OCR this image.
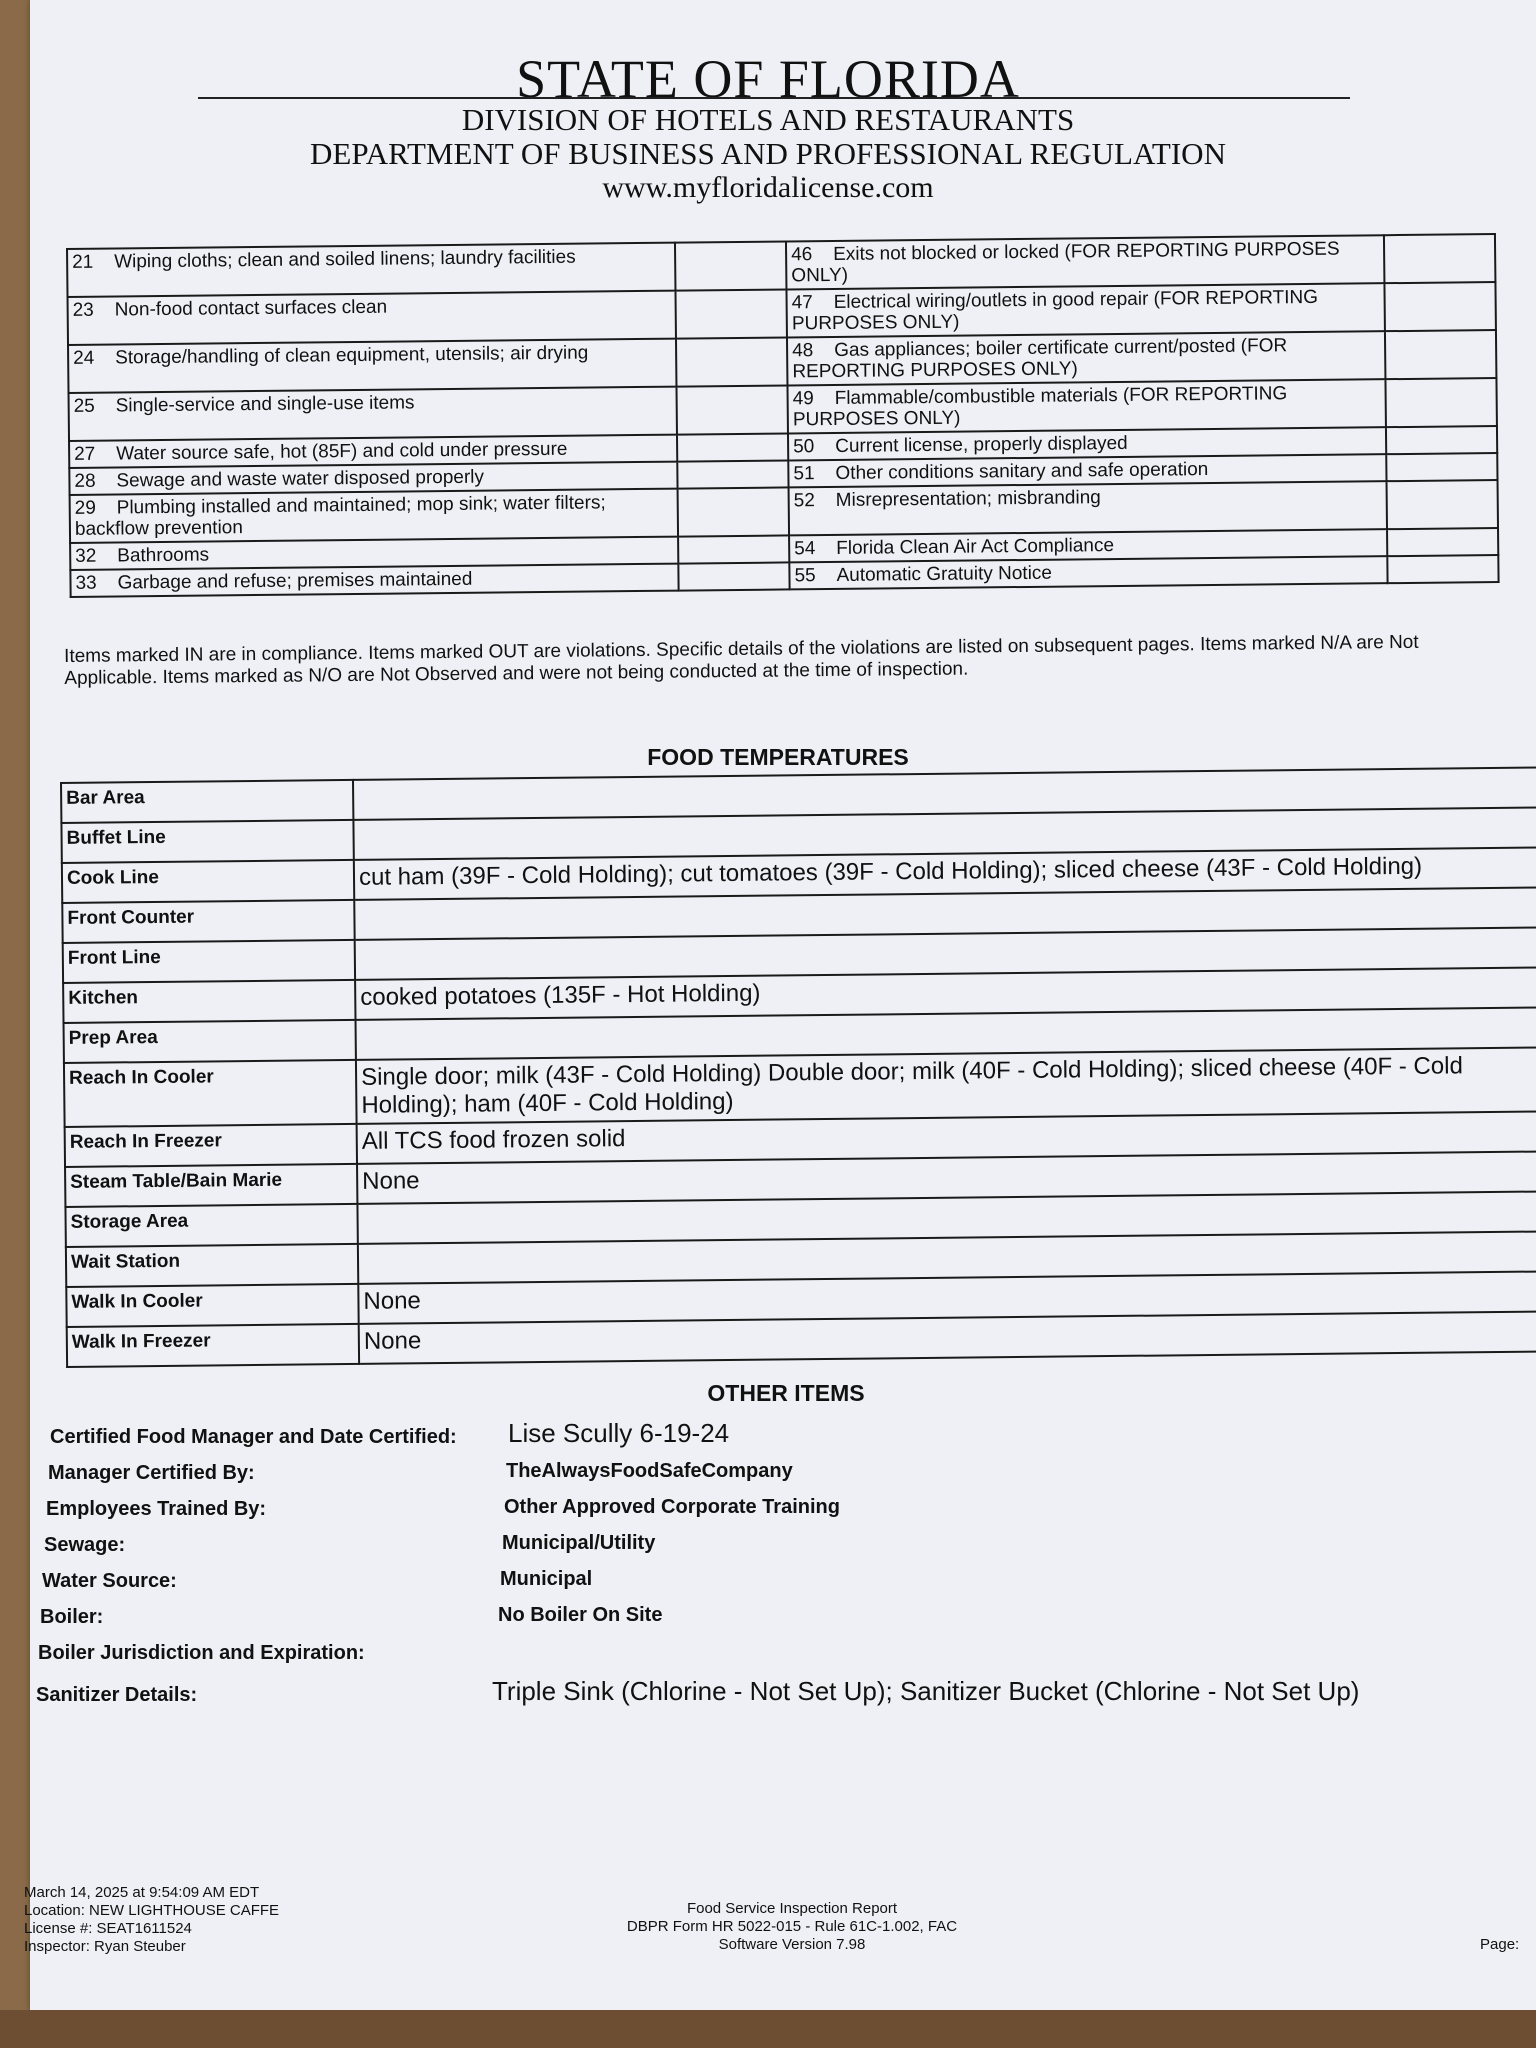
STATE OF FLORIDA
DIVISION OF HOTELS AND RESTAURANTS
DEPARTMENT OF BUSINESS AND PROFESSIONAL REGULATION
www.myfloridalicense.com
21 Wiping cloths; clean and soiled linens; laundry facilities		46 Exits not blocked or locked (FOR REPORTING PURPOSES ONLY)	
23 Non-food contact surfaces clean		47 Electrical wiring/outlets in good repair (FOR REPORTING PURPOSES ONLY)	
24 Storage/handling of clean equipment, utensils; air drying		48 Gas appliances; boiler certificate current/posted (FOR REPORTING PURPOSES ONLY)	
25 Single-service and single-use items		49 Flammable/combustible materials (FOR REPORTING PURPOSES ONLY)	
27 Water source safe, hot (85F) and cold under pressure		50 Current license, properly displayed	
28 Sewage and waste water disposed properly		51 Other conditions sanitary and safe operation	
29 Plumbing installed and maintained; mop sink; water filters; backflow prevention		52 Misrepresentation; misbranding	
32 Bathrooms		54 Florida Clean Air Act Compliance	
33 Garbage and refuse; premises maintained		55 Automatic Gratuity Notice	
Items marked IN are in compliance. Items marked OUT are violations. Specific details of the violations are listed on subsequent pages. Items marked N/A are Not Applicable. Items marked as N/O are Not Observed and were not being conducted at the time of inspection.
FOOD TEMPERATURES
Bar Area	
Buffet Line	
Cook Line	cut ham (39F - Cold Holding); cut tomatoes (39F - Cold Holding); sliced cheese (43F - Cold Holding)
Front Counter	
Front Line	
Kitchen	cooked potatoes (135F - Hot Holding)
Prep Area	
Reach In Cooler	Single door; milk (43F - Cold Holding) Double door; milk (40F - Cold Holding); sliced cheese (40F - Cold Holding); ham (40F - Cold Holding)
Reach In Freezer	All TCS food frozen solid
Steam Table/Bain Marie	None
Storage Area	
Wait Station	
Walk In Cooler	None
Walk In Freezer	None
OTHER ITEMS
Certified Food Manager and Date Certified: Lise Scully 6-19-24
Manager Certified By:	TheAlwaysFoodSafeCompany
Employees Trained By:	Other Approved Corporate Training
Sewage:	Municipal/Utility
Water Source:	Municipal
Boiler:	No Boiler On Site
Boiler Jurisdiction and Expiration:
Sanitizer Details:	Triple Sink (Chlorine - Not Set Up); Sanitizer Bucket (Chlorine - Not Set Up)
March 14, 2025 at 9:54:09 AM EDT
Location: NEW LIGHTHOUSE CAFFE
License #: SEAT1611524
Inspector: Ryan Steuber
Food Service Inspection Report
DBPR Form HR 5022-015 - Rule 61C-1.002, FAC
Software Version 7.98	Page:
